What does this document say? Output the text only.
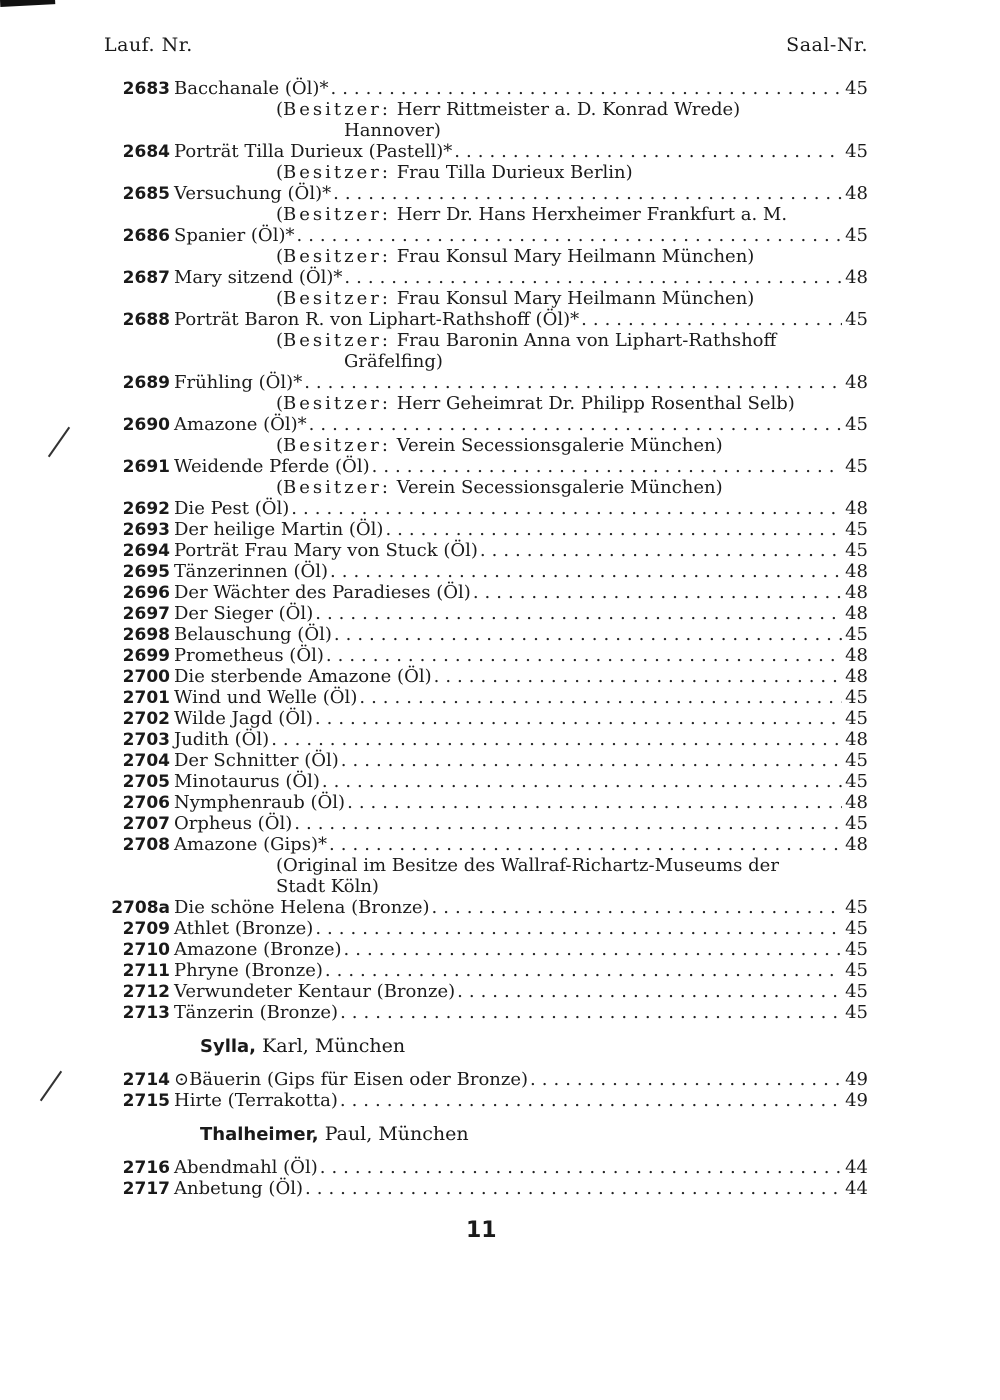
Lauf. Nr.	Saal-Nr.
2683 Bacchanale (Öl)* .....	45
(Besitzer: Herr Rittmeister a. D. Konrad Wrede)
Hannover)
2684 Porträt Tilla Durieux (Pastell)* .....	45
(Besitzer: Frau Tilla Durieux Berlin)
2685 Versuchung (Öl)* .....	48
(Besitzer: Herr Dr. Hans Herxheimer Frankfurt a. M.
2686 Spanier (Öl)* .....	45
(Besitzer: Frau Konsul Mary Heilmann München)
2687 Mary sitzend (Öl)* .....	48
(Besitzer: Frau Konsul Mary Heilmann München)
2688 Porträt Baron R. von Liphart-Rathshoff (Öl)* .....	45
(Besitzer: Frau Baronin Anna von Liphart-Rathshoff
Gräfelfing)
2689 Frühling (Öl)* .....	48
(Besitzer: Herr Geheimrat Dr. Philipp Rosenthal Selb)
2690 Amazone (Öl)* .....	45
(Besitzer: Verein Secessionsgalerie München)
2691 Weidende Pferde (Öl) .....	45
(Besitzer: Verein Secessionsgalerie München)
2692 Die Pest (Öl) .....	48
2693 Der heilige Martin (Öl) .....	45
2694 Porträt Frau Mary von Stuck (Öl) .....	45
2695 Tänzerinnen (Öl) .....	48
2696 Der Wächter des Paradieses (Öl) .....	48
2697 Der Sieger (Öl) .....	48
2698 Belauschung (Öl) .....	45
2699 Prometheus (Öl) .....	48
2700 Die sterbende Amazone (Öl) .....	48
2701 Wind und Welle (Öl) .....	45
2702 Wilde Jagd (Öl) .....	45
2703 Judith (Öl) .....	48
2704 Der Schnitter (Öl) .....	45
2705 Minotaurus (Öl) .....	45
2706 Nymphenraub (Öl) .....	48
2707 Orpheus (Öl) .....	45
2708 Amazone (Gips)* .....	48
(Original im Besitze des Wallraf-Richartz-Museums der
Stadt Köln)
2708a Die schöne Helena (Bronze) .....	45
2709 Athlet (Bronze) .....	45
2710 Amazone (Bronze) .....	45
2711 Phryne (Bronze) .....	45
2712 Verwundeter Kentaur (Bronze) .....	45
2713 Tänzerin (Bronze) .....	45
Sylla, Karl, München
2714 ⊙Bäuerin (Gips für Eisen oder Bronze) .....	49
2715 Hirte (Terrakotta) .....	49
Thalheimer, Paul, München
2716 Abendmahl (Öl) .....	44
2717 Anbetung (Öl) .....	44
11
